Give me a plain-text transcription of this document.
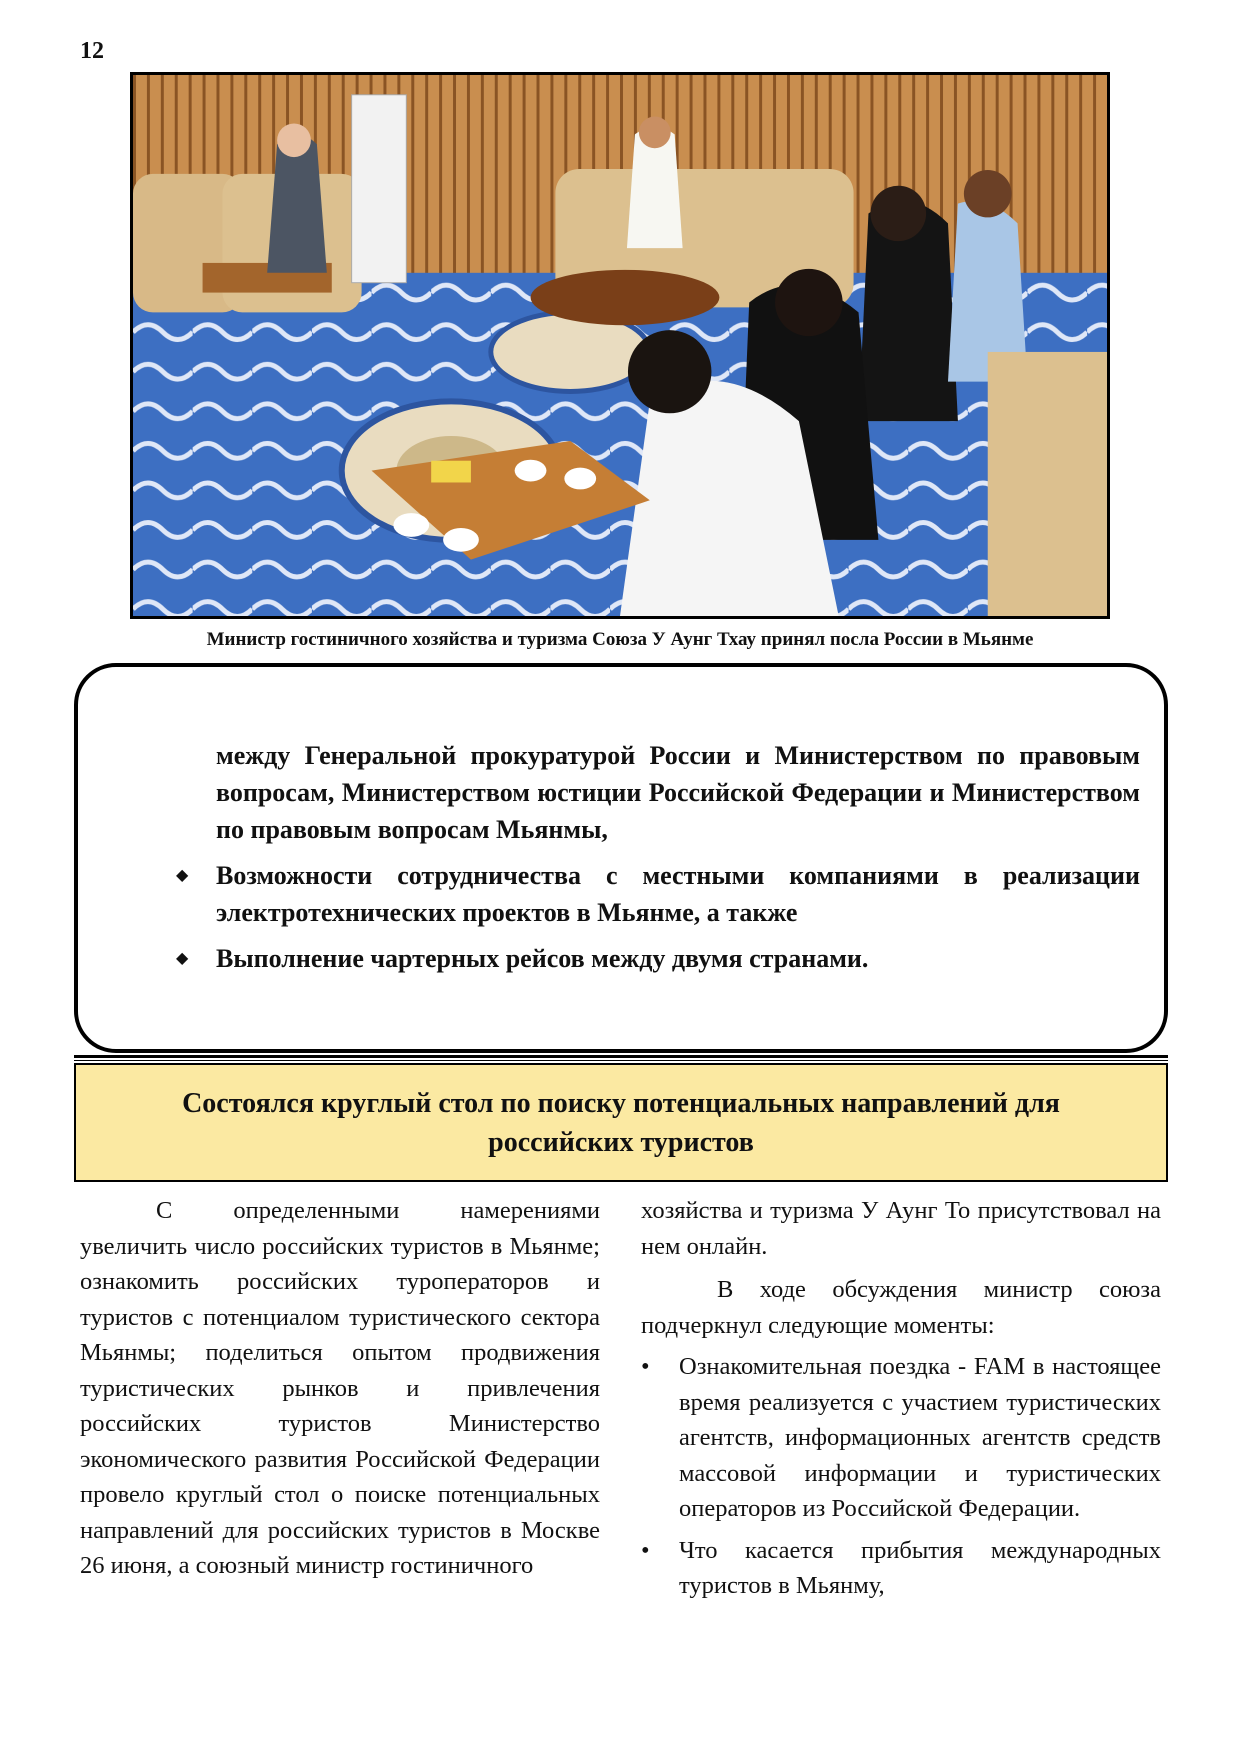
12
Министр гостиничного хозяйства и туризма Союза У Аунг Тхау принял посла России в Мьянме

между Генеральной прокуратурой России и Министерством по правовым вопросам, Министерством юстиции Российской Федерации и Министерством по правовым вопросам Мьянмы,

◆ Возможности сотрудничества с местными компаниями в реализации электротехнических проектов в Мьянме, а также

◆ Выполнение чартерных рейсов между двумя странами.

Состоялся круглый стол по поиску потенциальных направлений для российских туристов

С определенными намерениями увеличить число российских туристов в Мьянме; ознакомить российских туроператоров и туристов с потенциалом туристического сектора Мьянмы; поделиться опытом продвижения туристических рынков и привлечения российских туристов Министерство экономического развития Российской Федерации провело круглый стол о поиске потенциальных направлений для российских туристов в Москве 26 июня, а союзный министр гостиничного

хозяйства и туризма У Аунг То присутствовал на нем онлайн.

В ходе обсуждения министр союза подчеркнул следующие моменты:

• Ознакомительная поездка - FAM в настоящее время реализуется с участием туристических агентств, информационных агентств средств массовой информации и туристических операторов из Российской Федерации.
• Что касается прибытия международных туристов в Мьянму,
